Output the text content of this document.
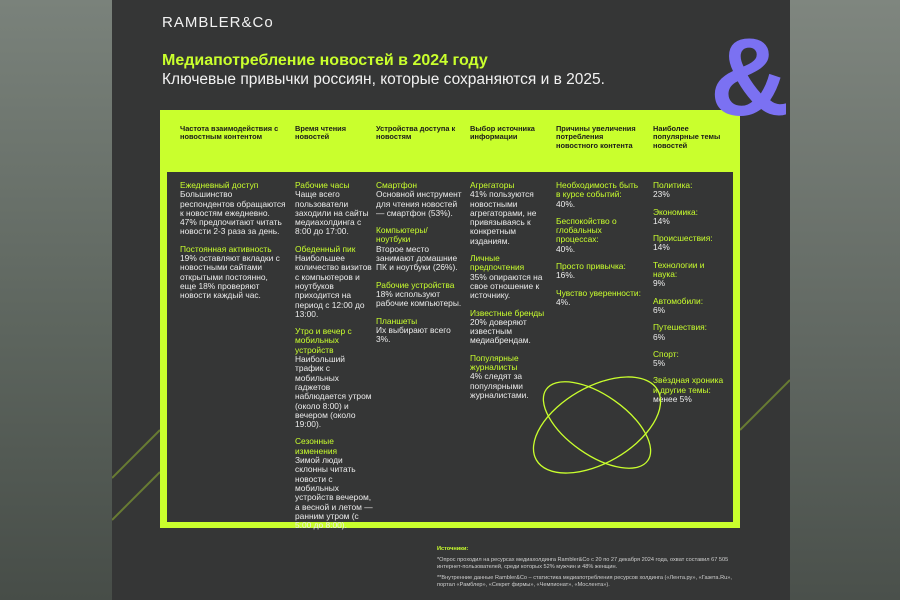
RAMBLER&Co
Медиапотребление новостей в 2024 году
Ключевые привычки россиян, которые сохраняются и в 2025. &
Частота взаимодействия с новостным контентом
Время чтения новостей
Устройства доступа к новостям
Выбор источника информации
Причины увеличения потребления новостного контента
Наиболее популярные темы новостей
Ежедневный доступ
Большинство респондентов обращаются к новостям ежедневно. 47% предпочитают читать новости 2-3 раза за день.
Постоянная активность
19% оставляют вкладки с новостными сайтами открытыми постоянно, еще 18% проверяют новости каждый час.
Рабочие часы
Чаще всего пользователи заходили на сайты медиахолдинга с 8:00 до 17:00.
Обеденный пик
Наибольшее количество визитов с компьютеров и ноутбуков приходится на период с 12:00 до 13:00.
Утро и вечер с мобильных устройств
Наибольший трафик с мобильных гаджетов наблюдается утром (около 8:00) и вечером (около 19:00).
Сезонные изменения
Зимой люди склонны читать новости с мобильных устройств вечером, а весной и летом — ранним утром (с 5:00 до 8:00).
Смартфон
Основной инструмент для чтения новостей — смартфон (53%).
Компьютеры/ ноутбуки
Второе место занимают домашние ПК и ноутбуки (26%).
Рабочие устройства
18% используют рабочие компьютеры.
Планшеты
Их выбирают всего 3%.
Агрегаторы
41% пользуются новостными агрегаторами, не привязываясь к конкретным изданиям.
Личные предпочтения
35% опираются на свое отношение к источнику.
Известные бренды
20% доверяют известным медиабрендам.
Популярные журналисты
4% следят за популярными журналистами.
Необходимость быть в курсе событий:
40%.
Беспокойство о глобальных процессах:
40%.
Просто привычка:
16%.
Чувство уверенности:
4%.
Политика:
23%
Экономика:
14%
Происшествия:
14%
Технологии и наука:
9%
Автомобили:
6%
Путешествия:
6%
Спорт:
5%
Звёздная хроника и другие темы:
менее 5%
Источники:
*Опрос проходил на ресурсах медиахолдинга Rambler&Co с 20 по 27 декабря 2024 года, охват составил 67 505 интернет-пользователей, среди которых 52% мужчин и 48% женщин.
**Внутренние данные Rambler&Co – статистика медиапотребления ресурсов холдинга («Лента.ру», «Газета.Ru», портал «Рамблер», «Секрет фирмы», «Чемпионат», «Мослента»).
